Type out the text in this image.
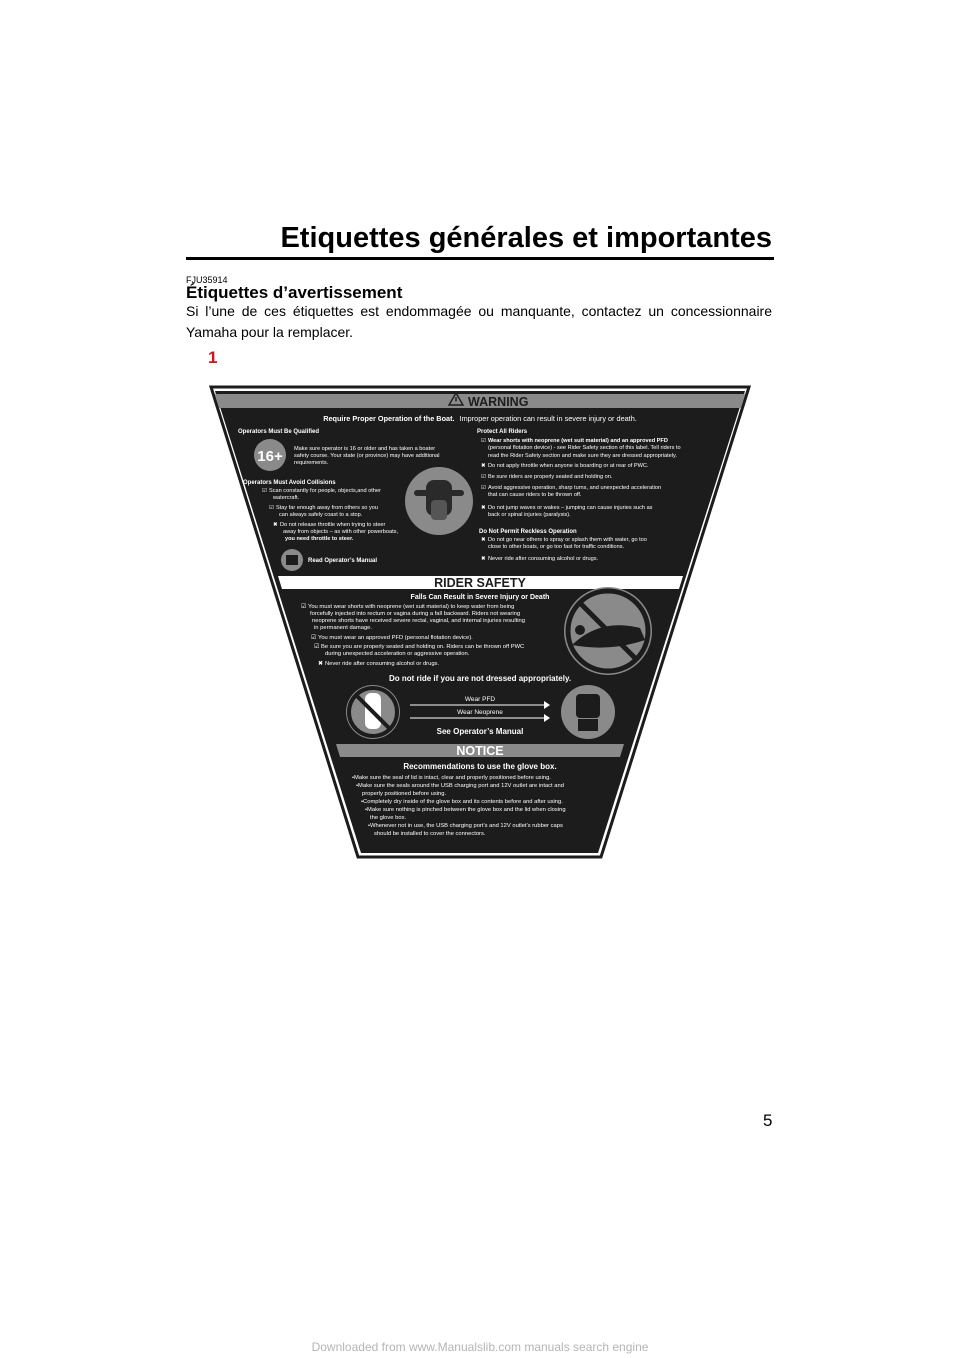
Etiquettes générales et importantes
FJU35914
Étiquettes d’avertissement
Si l’une de ces étiquettes est endommagée ou manquante, contactez un concessionnaire Yamaha pour la remplacer.
1
WARNING
Require Proper Operation of the Boat. Improper operation can result in severe injury or death.
Operators Must Be Qualified
16+ Make sure operator is 16 or older and has taken a boater
safety course. Your state (or province) may have additional
requirements.
Operators Must Avoid Collisions
☑ Scan constantly for people, objects,and other
watercraft.
☑ Stay far enough away from others so you
can always safely coast to a stop.
✖ Do not release throttle when trying to steer
away from objects – as with other powerboats,
you need throttle to steer.
Read Operator’s Manual
Protect All Riders
☑ Wear shorts with neoprene (wet suit material) and an approved PFD
(personal flotation device) - see Rider Safety section of this label. Tell riders to
read the Rider Safety section and make sure they are dressed appropriately.
✖ Do not apply throttle when anyone is boarding or at rear of PWC.
☑ Be sure riders are properly seated and holding on.
☑ Avoid aggressive operation, sharp turns, and unexpected acceleration
that can cause riders to be thrown off.
✖ Do not jump waves or wakes – jumping can cause injuries such as
back or spinal injuries (paralysis).
Do Not Permit Reckless Operation
✖ Do not go near others to spray or splash them with water, go too
close to other boats, or go too fast for traffic conditions.
✖ Never ride after consuming alcohol or drugs.
RIDER SAFETY
Falls Can Result in Severe Injury or Death
☑ You must wear shorts with neoprene (wet suit material) to keep water from being
forcefully injected into rectum or vagina during a fall backward. Riders not wearing
neoprene shorts have received severe rectal, vaginal, and internal injuries resulting
in permanent damage.
☑ You must wear an approved PFD (personal flotation device).
☑ Be sure you are properly seated and holding on. Riders can be thrown off PWC
during unexpected acceleration or aggressive operation.
✖ Never ride after consuming alcohol or drugs.
Do not ride if you are not dressed appropriately.
Wear PFD
Wear Neoprene
See Operator’s Manual
NOTICE
Recommendations to use the glove box.
•Make sure the seal of lid is intact, clear and properly positioned before using.
•Make sure the seals around the USB charging port and 12V outlet are intact and
properly positioned before using.
•Completely dry inside of the glove box and its contents before and after using.
•Make sure nothing is pinched between the glove box and the lid when closing
the glove box.
•Whenever not in use, the USB charging port’s and 12V outlet’s rubber caps
should be installed to cover the connectors.
5
Downloaded from www.Manualslib.com manuals search engine
